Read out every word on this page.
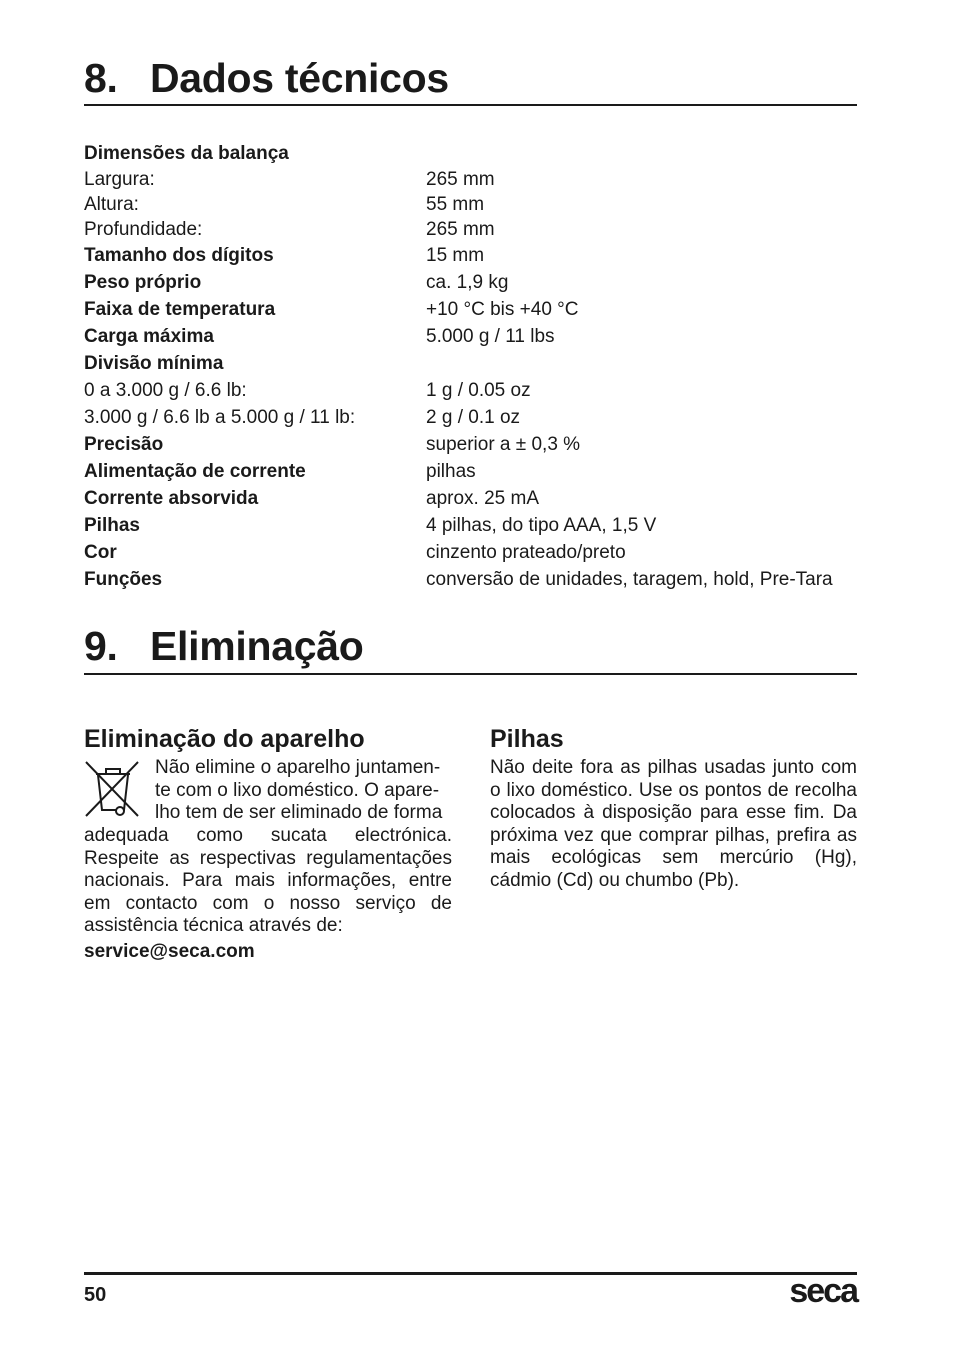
8. Dados técnicos
Dimensões da balança
Largura:	265 mm
Altura:	55 mm
Profundidade:	265 mm
Tamanho dos dígitos	15 mm
Peso próprio	ca. 1,9 kg
Faixa de temperatura	+10 °C bis +40 °C
Carga máxima	5.000 g / 11 lbs
Divisão mínima
0 a 3.000 g / 6.6 lb:	1 g / 0.05 oz
3.000 g / 6.6 lb a 5.000 g / 11 lb:	2 g / 0.1 oz
Precisão	superior a ± 0,3 %
Alimentação de corrente	pilhas
Corrente absorvida	aprox. 25 mA
Pilhas	4 pilhas, do tipo AAA, 1,5 V
Cor	cinzento prateado/preto
Funções	conversão de unidades, taragem, hold, Pre-Tara
9. Eliminação
Eliminação do aparelho
Não elimine o aparelho juntamen-
te com o lixo doméstico. O apare-
lho tem de ser eliminado de forma
adequada como sucata electrónica. Respeite as respectivas regulamentações nacionais. Para mais informações, entre em contacto com o nosso serviço de assistência técnica através de:
service@seca.com
Pilhas
Não deite fora as pilhas usadas junto com o lixo doméstico. Use os pontos de recolha colocados à disposição para esse fim. Da próxima vez que comprar pilhas, prefira as mais ecológicas sem mercúrio (Hg), cádmio (Cd) ou chumbo (Pb).
50	seca
